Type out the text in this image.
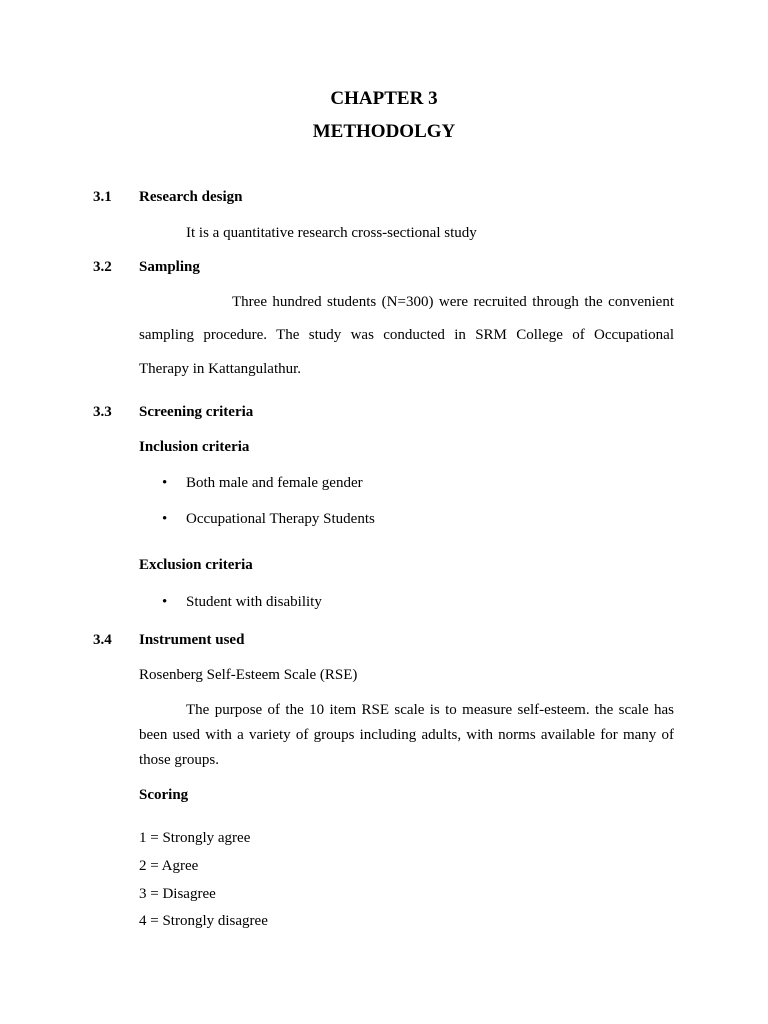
CHAPTER 3
METHODOLGY
3.1 Research design
It is a quantitative research cross-sectional study
3.2 Sampling
Three hundred students (N=300) were recruited through the convenient
sampling procedure. The study was conducted in SRM College of Occupational
Therapy in Kattangulathur.
3.3 Screening criteria
Inclusion criteria
• Both male and female gender
• Occupational Therapy Students
Exclusion criteria
• Student with disability
3.4 Instrument used
Rosenberg Self-Esteem Scale (RSE)
The purpose of the 10 item RSE scale is to measure self-esteem. the scale has
been used with a variety of groups including adults, with norms available for many of
those groups.
Scoring
1 = Strongly agree
2 = Agree
3 = Disagree
4 = Strongly disagree
